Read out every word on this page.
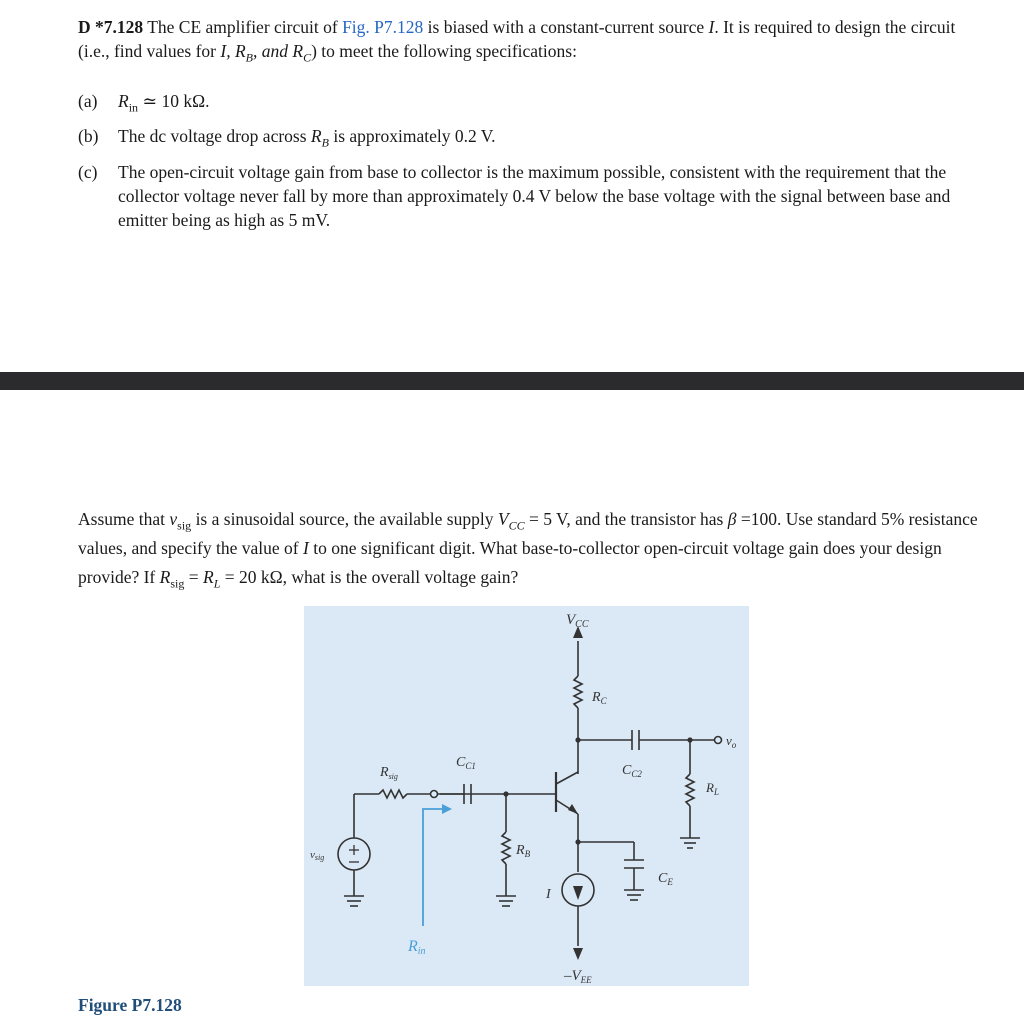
D *7.128 The CE amplifier circuit of Fig. P7.128 is biased with a constant-current source I. It is required to design the circuit (i.e., find values for I, $R_B$, and $R_C$) to meet the following specifications:
(a) $R_{in}$ ≃ 10 kΩ.
(b) The dc voltage drop across $R_B$ is approximately 0.2 V.
(c) The open-circuit voltage gain from base to collector is the maximum possible, consistent with the requirement that the collector voltage never fall by more than approximately 0.4 V below the base voltage with the signal between base and emitter being as high as 5 mV.
Assume that $v_{sig}$ is a sinusoidal source, the available supply $V_{CC} = 5$ V, and the transistor has β =100. Use standard 5% resistance values, and specify the value of I to one significant digit. What base-to-collector open-circuit voltage gain does your design provide? If $R_{sig} = R_L = 20$ kΩ, what is the overall voltage gain?
$V_{CC}$
$R_C$
$v_o$
$C_{C2}$
$C_{C1}$
$R_{sig}$
$R_L$
vsig	$R_B$
$C_E$
I
Rin
$-V_{EE}$
Figure P7.128
